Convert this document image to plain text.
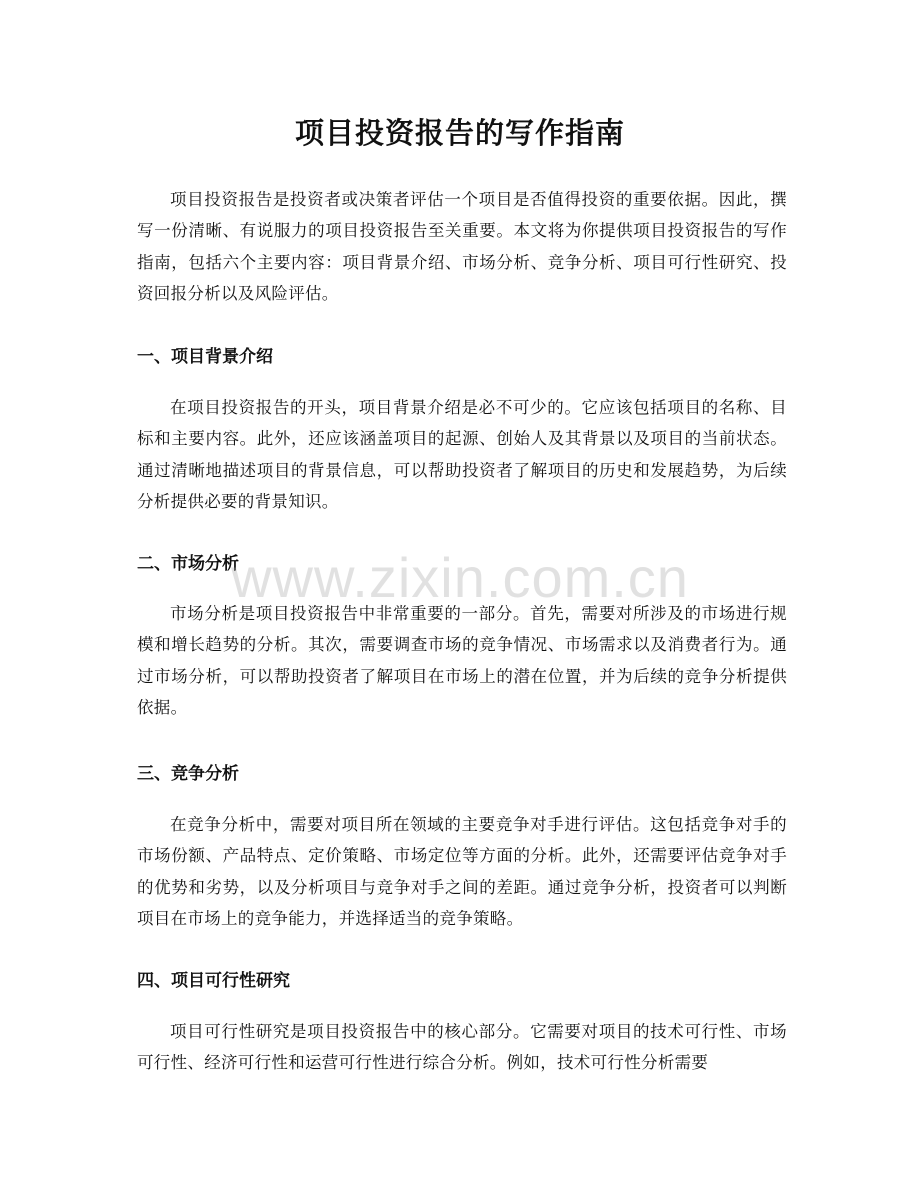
项目投资报告的写作指南

项目投资报告是投资者或决策者评估一个项目是否值得投资的重要依据。因此，撰写一份清晰、有说服力的项目投资报告至关重要。本文将为你提供项目投资报告的写作指南，包括六个主要内容：项目背景介绍、市场分析、竞争分析、项目可行性研究、投资回报分析以及风险评估。

一、项目背景介绍

在项目投资报告的开头，项目背景介绍是必不可少的。它应该包括项目的名称、目标和主要内容。此外，还应该涵盖项目的起源、创始人及其背景以及项目的当前状态。通过清晰地描述项目的背景信息，可以帮助投资者了解项目的历史和发展趋势，为后续分析提供必要的背景知识。

二、市场分析

市场分析是项目投资报告中非常重要的一部分。首先，需要对所涉及的市场进行规模和增长趋势的分析。其次，需要调查市场的竞争情况、市场需求以及消费者行为。通过市场分析，可以帮助投资者了解项目在市场上的潜在位置，并为后续的竞争分析提供依据。

三、竞争分析

在竞争分析中，需要对项目所在领域的主要竞争对手进行评估。这包括竞争对手的市场份额、产品特点、定价策略、市场定位等方面的分析。此外，还需要评估竞争对手的优势和劣势，以及分析项目与竞争对手之间的差距。通过竞争分析，投资者可以判断项目在市场上的竞争能力，并选择适当的竞争策略。

四、项目可行性研究

项目可行性研究是项目投资报告中的核心部分。它需要对项目的技术可行性、市场可行性、经济可行性和运营可行性进行综合分析。例如，技术可行性分析需要

www.zixin.com.cn
